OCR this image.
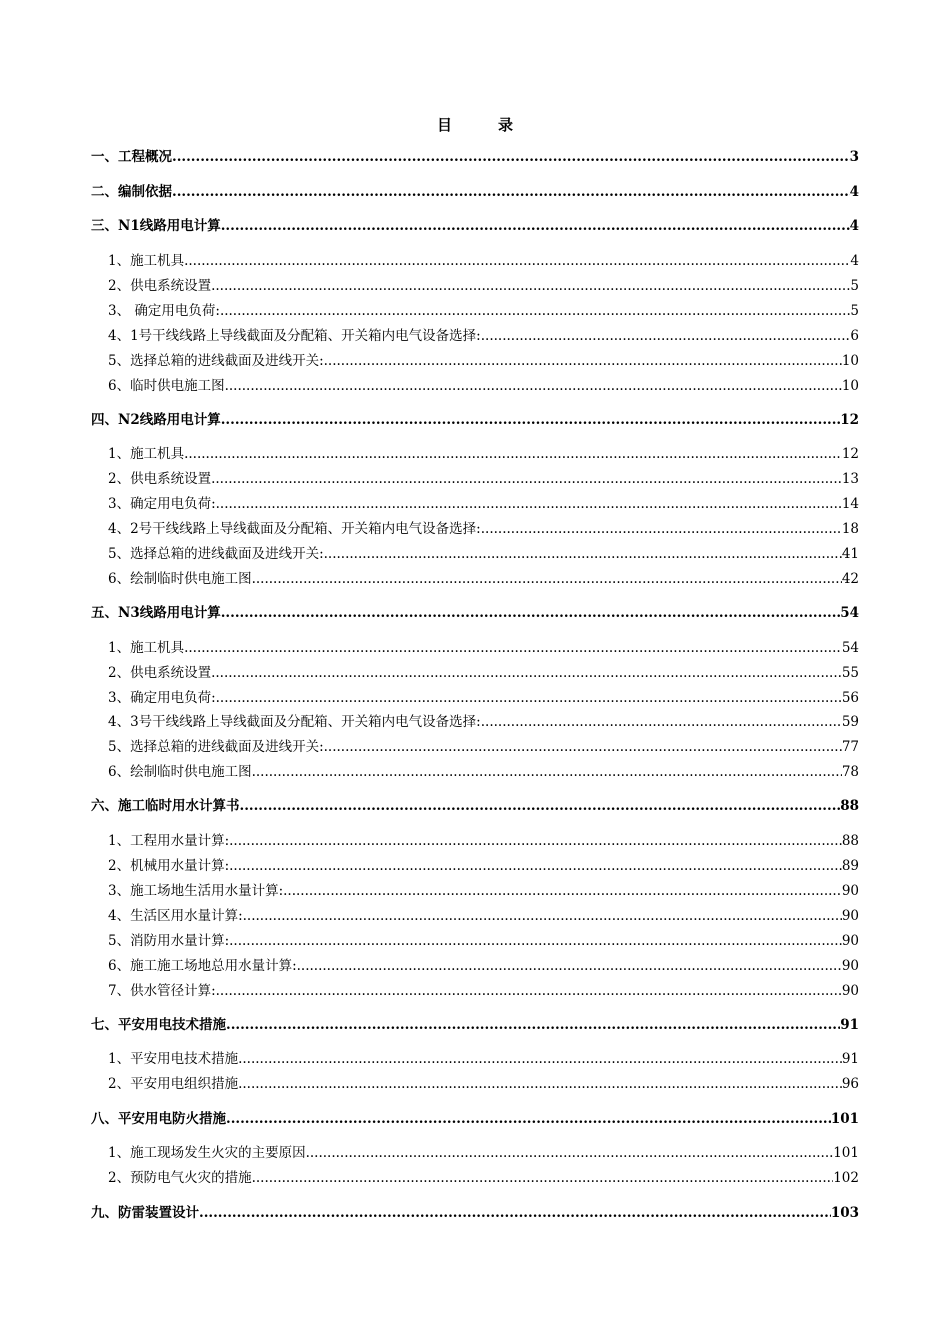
目	录
一、工程概况 .....	3
二、编制依据 .....	4
三、N1线路用电计算 .....	4
1、施工机具 .....	4
2、供电系统设置 .....	5
3、 确定用电负荷: .....	5
4、1号干线线路上导线截面及分配箱、开关箱内电气设备选择: .....	6
5、选择总箱的进线截面及进线开关: .....	10
6、临时供电施工图 .....	10
四、N2线路用电计算 .....	12
1、施工机具 .....	12
2、供电系统设置 .....	13
3、确定用电负荷: .....	14
4、2号干线线路上导线截面及分配箱、开关箱内电气设备选择: .....	18
5、选择总箱的进线截面及进线开关: .....	41
6、绘制临时供电施工图 .....	42
五、N3线路用电计算 .....	54
1、施工机具 .....	54
2、供电系统设置 .....	55
3、确定用电负荷: .....	56
4、3号干线线路上导线截面及分配箱、开关箱内电气设备选择: .....	59
5、选择总箱的进线截面及进线开关: .....	77
6、绘制临时供电施工图 .....	78
六、施工临时用水计算书 .....	88
1、工程用水量计算: .....	88
2、机械用水量计算: .....	89
3、施工场地生活用水量计算: .....	90
4、生活区用水量计算: .....	90
5、消防用水量计算: .....	90
6、施工施工场地总用水量计算: .....	90
7、供水管径计算: .....	90
七、平安用电技术措施 .....	91
1、平安用电技术措施 .....	91
2、平安用电组织措施 .....	96
八、平安用电防火措施 .....	101
1、施工现场发生火灾的主要原因 .....	101
2、预防电气火灾的措施 .....	102
九、防雷装置设计 .....	103
